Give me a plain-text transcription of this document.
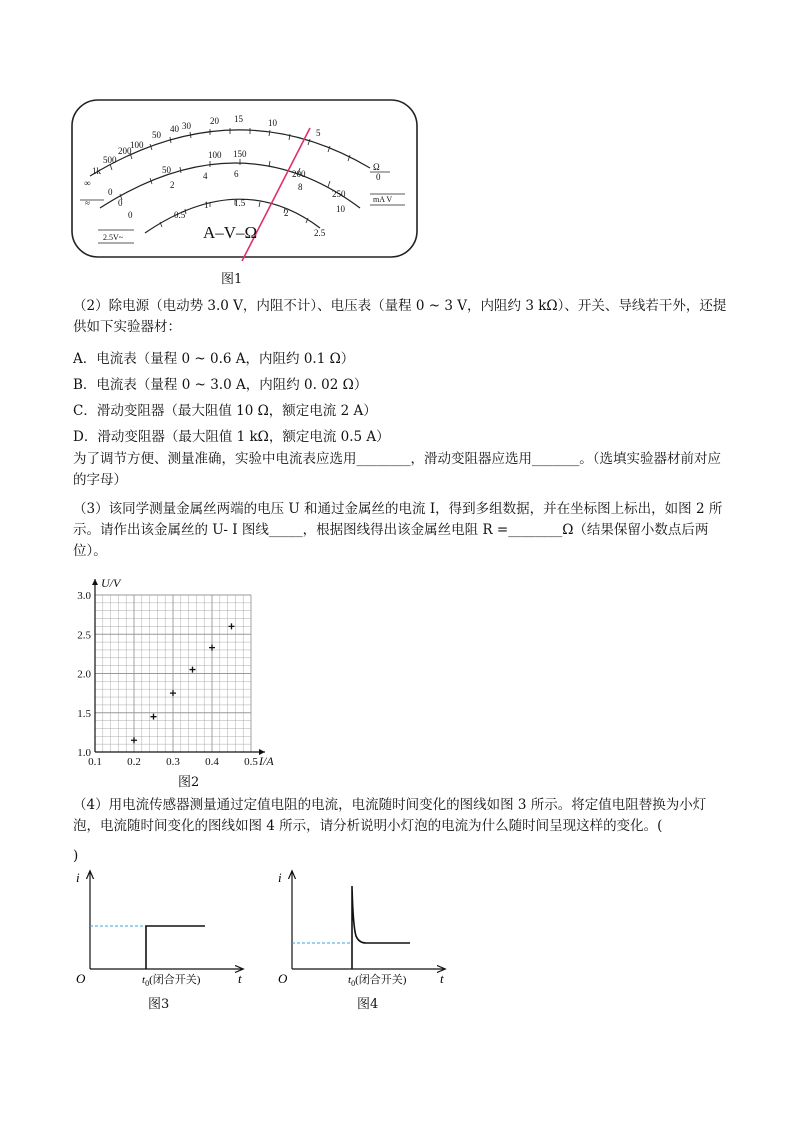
A–V–Ω
Ω
mA V
2.5V~
≈
∞
1k
500
200
100
50
40 30 20 15	10
5
0
0
50
100 150
200
250
0
2
4	6
8
10
0	0.5
1	1.5
2
2.5
图1
（2）除电源（电动势 3.0 V，内阻不计）、电压表（量程 0 ~ 3 V，内阻约 3 kΩ）、开关、导线若干外，还提供如下实验器材：
A．电流表（量程 0 ~ 0.6 A，内阻约 0.1 Ω）
B．电流表（量程 0 ~ 3.0 A，内阻约 0. 02 Ω）
C．滑动变阻器（最大阻值 10 Ω，额定电流 2 A）
D．滑动变阻器（最大阻值 1 kΩ，额定电流 0.5 A）
为了调节方便、测量准确，实验中电流表应选用________，滑动变阻器应选用_______。（选填实验器材前对应的字母）
（3）该同学测量金属丝两端的电压 U 和通过金属丝的电流 I，得到多组数据，并在坐标图上标出，如图 2 所示。请作出该金属丝的 U- I 图线_____，根据图线得出该金属丝电阻 R =________Ω（结果保留小数点后两位）。
0.1 0.2 0.3 0.4 0.5
1.0
1.5
2.0
2.5
3.0
I/A
U/V
图2
（4）用电流传感器测量通过定值电阻的电流，电流随时间变化的图线如图 3 所示。将定值电阻替换为小灯泡，电流随时间变化的图线如图 4 所示，请分析说明小灯泡的电流为什么随时间呈现这样的变化。(
)
i
t
O	$t_0$(闭合开关)
图3
i
t
O	$t_0$(闭合开关)
图4
